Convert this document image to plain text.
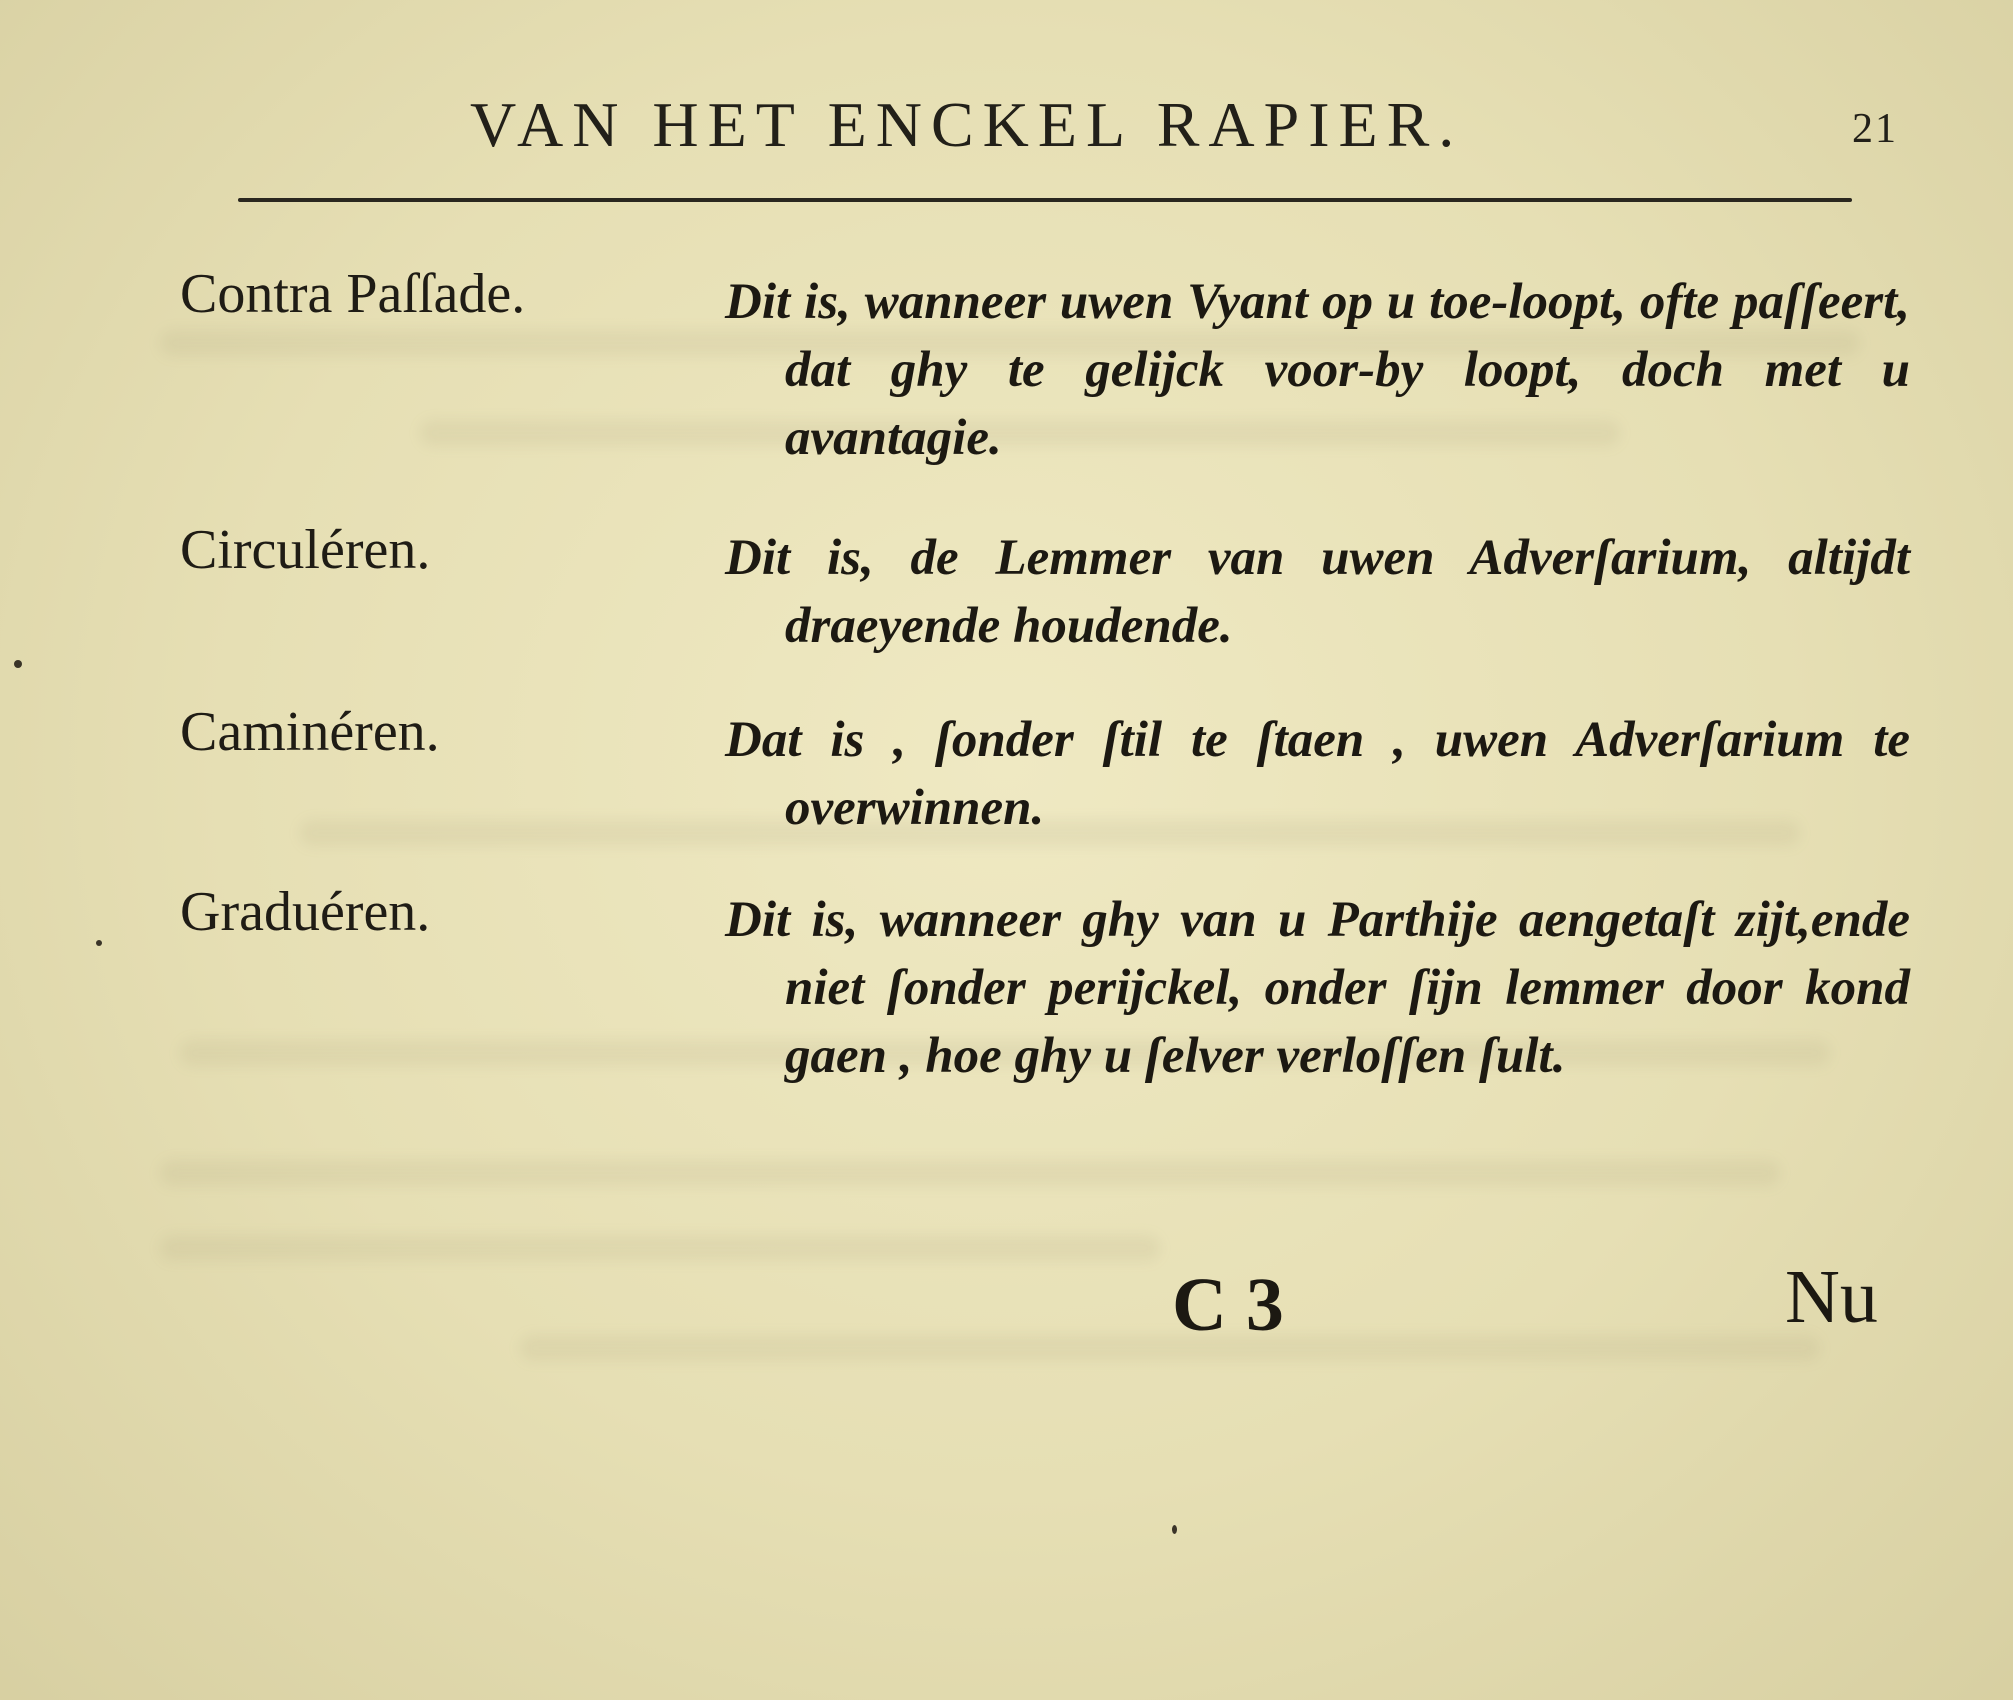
VAN HET ENCKEL RAPIER.	21
Contra Paſſade.	Dit is, wanneer uwen Vyant op u toe-loopt, ofte paſſeert, dat ghy te gelijck voor-by loopt, doch met u avantagie.
Circuléren.	Dit is, de Lemmer van uwen Adverſarium, altijdt draeyende houdende.
Caminéren.	Dat is , ſonder ſtil te ſtaen , uwen Adverſarium te overwinnen.
Graduéren.	Dit is, wanneer ghy van u Parthije aengetaſt zijt,ende niet ſonder perijckel, onder ſijn lemmer door kond gaen , hoe ghy u ſelver verloſſen ſult.
C 3	Nu
